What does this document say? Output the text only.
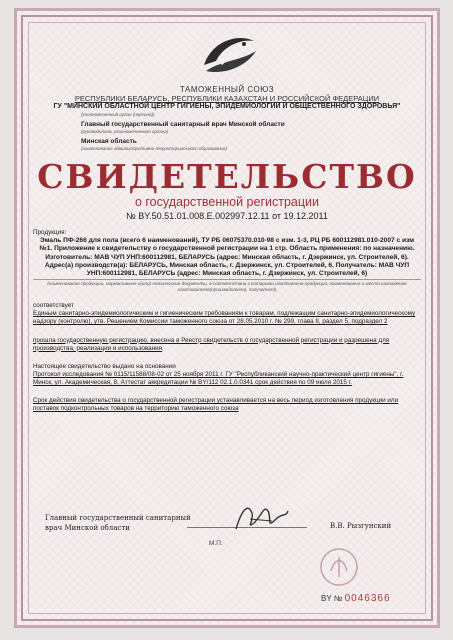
ТАМОЖЕННЫЙ СОЮЗ
РЕСПУБЛИКИ БЕЛАРУСЬ, РЕСПУБЛИКИ КАЗАХСТАН И РОССИЙСКОЙ ФЕДЕРАЦИИ
ГУ "МИНСКИЙ ОБЛАСТНОЙ ЦЕНТР ГИГИЕНЫ, ЭПИДЕМИОЛОГИИ И ОБЩЕСТВЕННОГО ЗДОРОВЬЯ"
(уполномоченный орган (персона))
Главный государственный санитарный врач Минской области
(руководитель уполномоченного органа)
Минская область
(наименование административно-территориального образования)
СВИДЕТЕЛЬСТВО
о государственной регистрации
№ BY.50.51.01.008.Е.002997.12.11 от 19.12.2011

Продукция:

Эмаль ПФ-266 для пола (всего 6 наименований), ТУ РБ 06075370.010-98 с изм. 1-3, РЦ РБ 600112981.010-2007 с изм №1. Приложение к свидетельству о государственной регистрации на 1 стр. Область применения: по назначению. Изготовитель: МАВ ЧУП УНП:600112981, БЕЛАРУСЬ (адрес: Минская область, г. Дзержинск, ул. Строителей, 6). Адрес(а) производств(а): БЕЛАРУСЬ, Минская область, г. Дзержинск, ул. Строителей, 6. Получатель: МАВ ЧУП УНП:600112981, БЕЛАРУСЬ (адрес: Минская область, г. Дзержинск, ул. Строителей, 6)

(наименование продукции, нормативные и(или) технические документы, в соответствии с которыми изготовлена продукция, наименование и место нахождения изготовителя(производителя), получателя)

соответствует

Единым санитарно-эпидемиологическим и гигиеническим требованиям к товарам, подлежащим санитарно-эпидемиологическому надзору (контролю), утв. Решением Комиссии таможенного союза от 28.05.2010 г. № 299, глава II, раздел 5, подраздел 2

прошла государственную регистрацию, внесена в Реестр свидетельств о государственной регистрации и разрешена для производства, реализации и использования

Настоящее свидетельство выдано на основании

Протокол исследования № 0115/11588/08-02 от 25 ноября 2011 г. ГУ "Республиканский научно-практический центр гигиены", г. Минск, ул. Академическая, 8. Аттестат аккредитации № BY/112 02.1.0.0341 срок действия по 09 июля 2015 г.

Срок действия свидетельства о государственной регистрации устанавливается на весь период изготовления продукции или поставок подконтрольных товаров на территорию таможенного союза

Главный государственный санитарный
врач Минской области
М.П.
В.В. Рызгунский
BY № 0046366
